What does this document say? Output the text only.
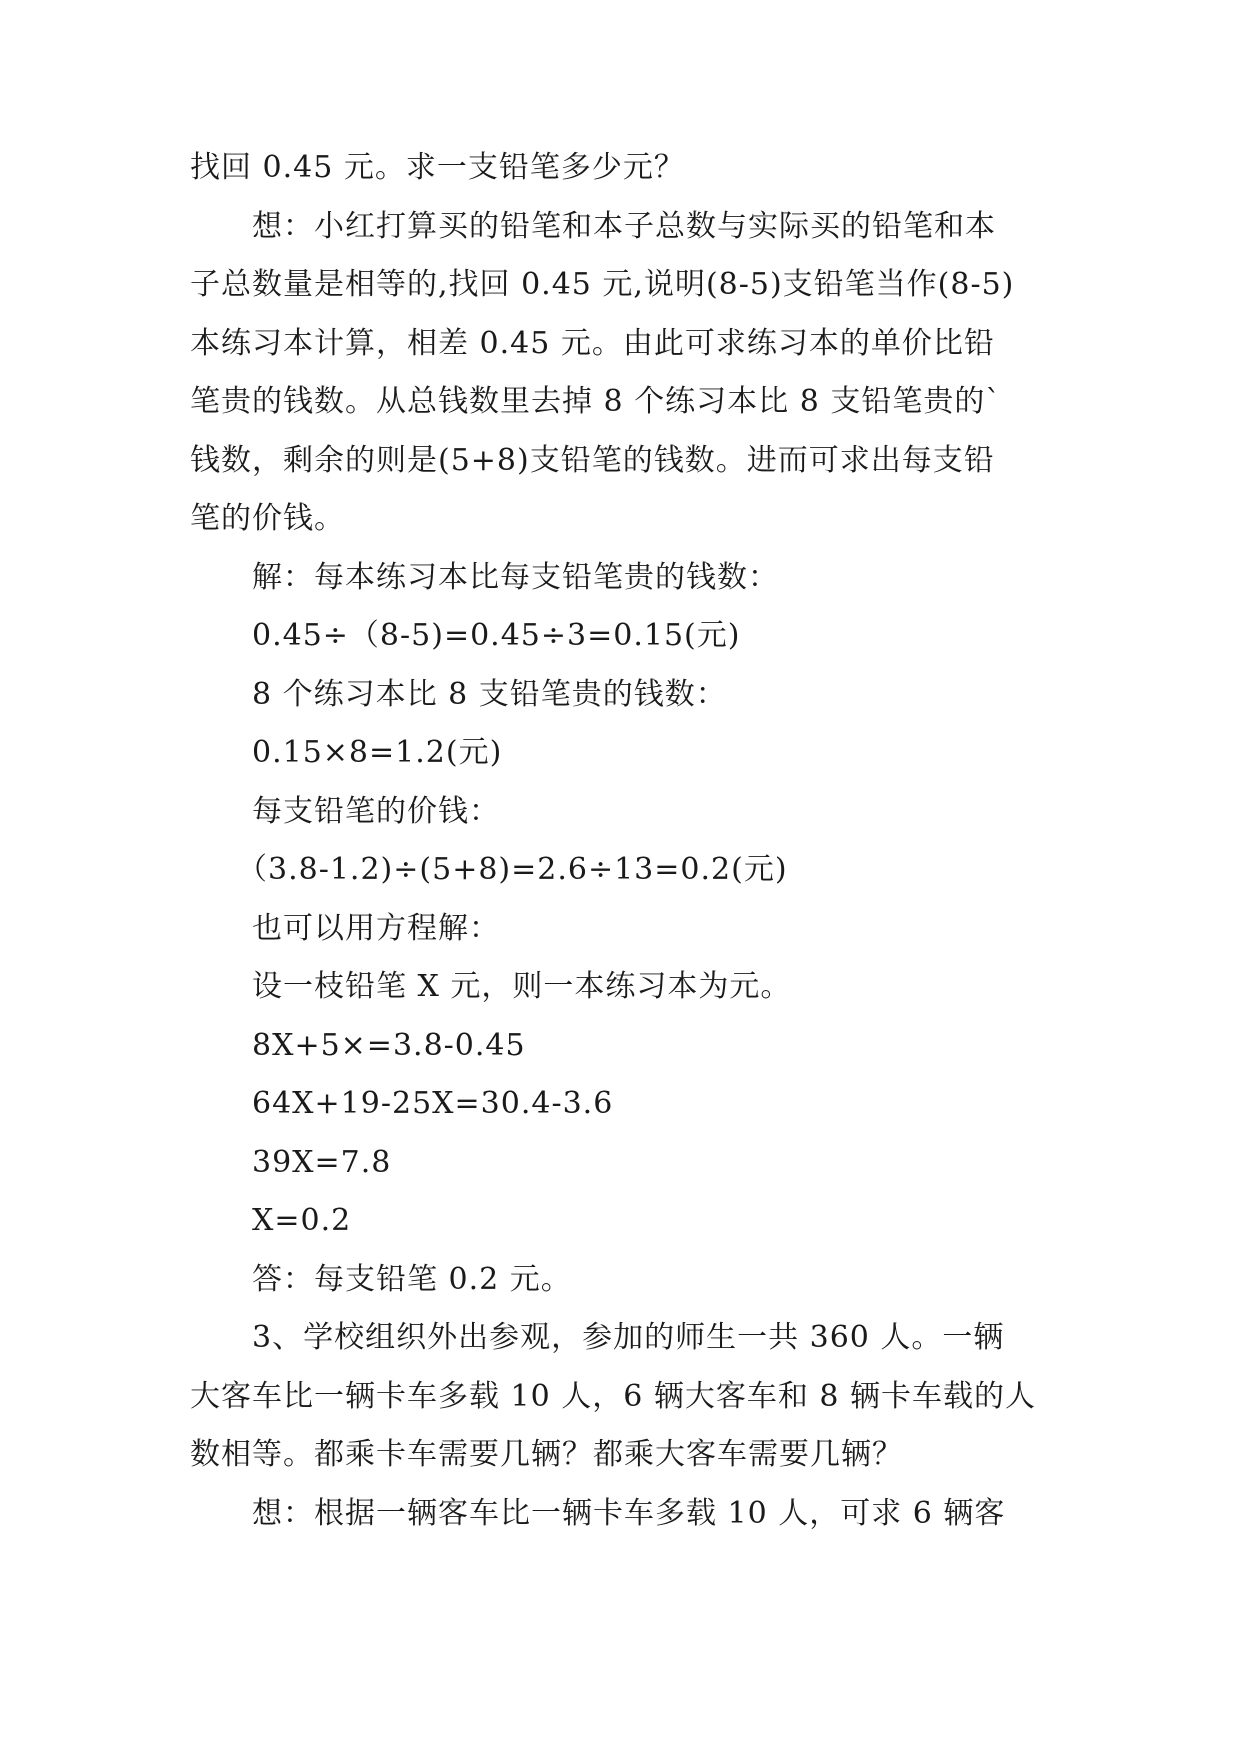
找回 0.45 元。求一支铅笔多少元？
　　想：小红打算买的铅笔和本子总数与实际买的铅笔和本
子总数量是相等的,找回 0.45 元,说明(8-5)支铅笔当作(8-5)
本练习本计算，相差 0.45 元。由此可求练习本的单价比铅
笔贵的钱数。从总钱数里去掉 8 个练习本比 8 支铅笔贵的`
钱数，剩余的则是(5+8)支铅笔的钱数。进而可求出每支铅
笔的价钱。
　　解：每本练习本比每支铅笔贵的钱数：
　　0.45÷（8-5)=0.45÷3=0.15(元)
　　8 个练习本比 8 支铅笔贵的钱数：
　　0.15×8=1.2(元)
　　每支铅笔的价钱：
　　（3.8-1.2)÷(5+8)=2.6÷13=0.2(元)
　　也可以用方程解：
　　设一枝铅笔 X 元，则一本练习本为元。
　　8X+5×=3.8-0.45
　　64X+19-25X=30.4-3.6
　　39X=7.8
　　X=0.2
　　答：每支铅笔 0.2 元。
　　3、学校组织外出参观，参加的师生一共 360 人。一辆
大客车比一辆卡车多载 10 人，6 辆大客车和 8 辆卡车载的人
数相等。都乘卡车需要几辆？都乘大客车需要几辆？
　　想：根据一辆客车比一辆卡车多载 10 人，可求 6 辆客
